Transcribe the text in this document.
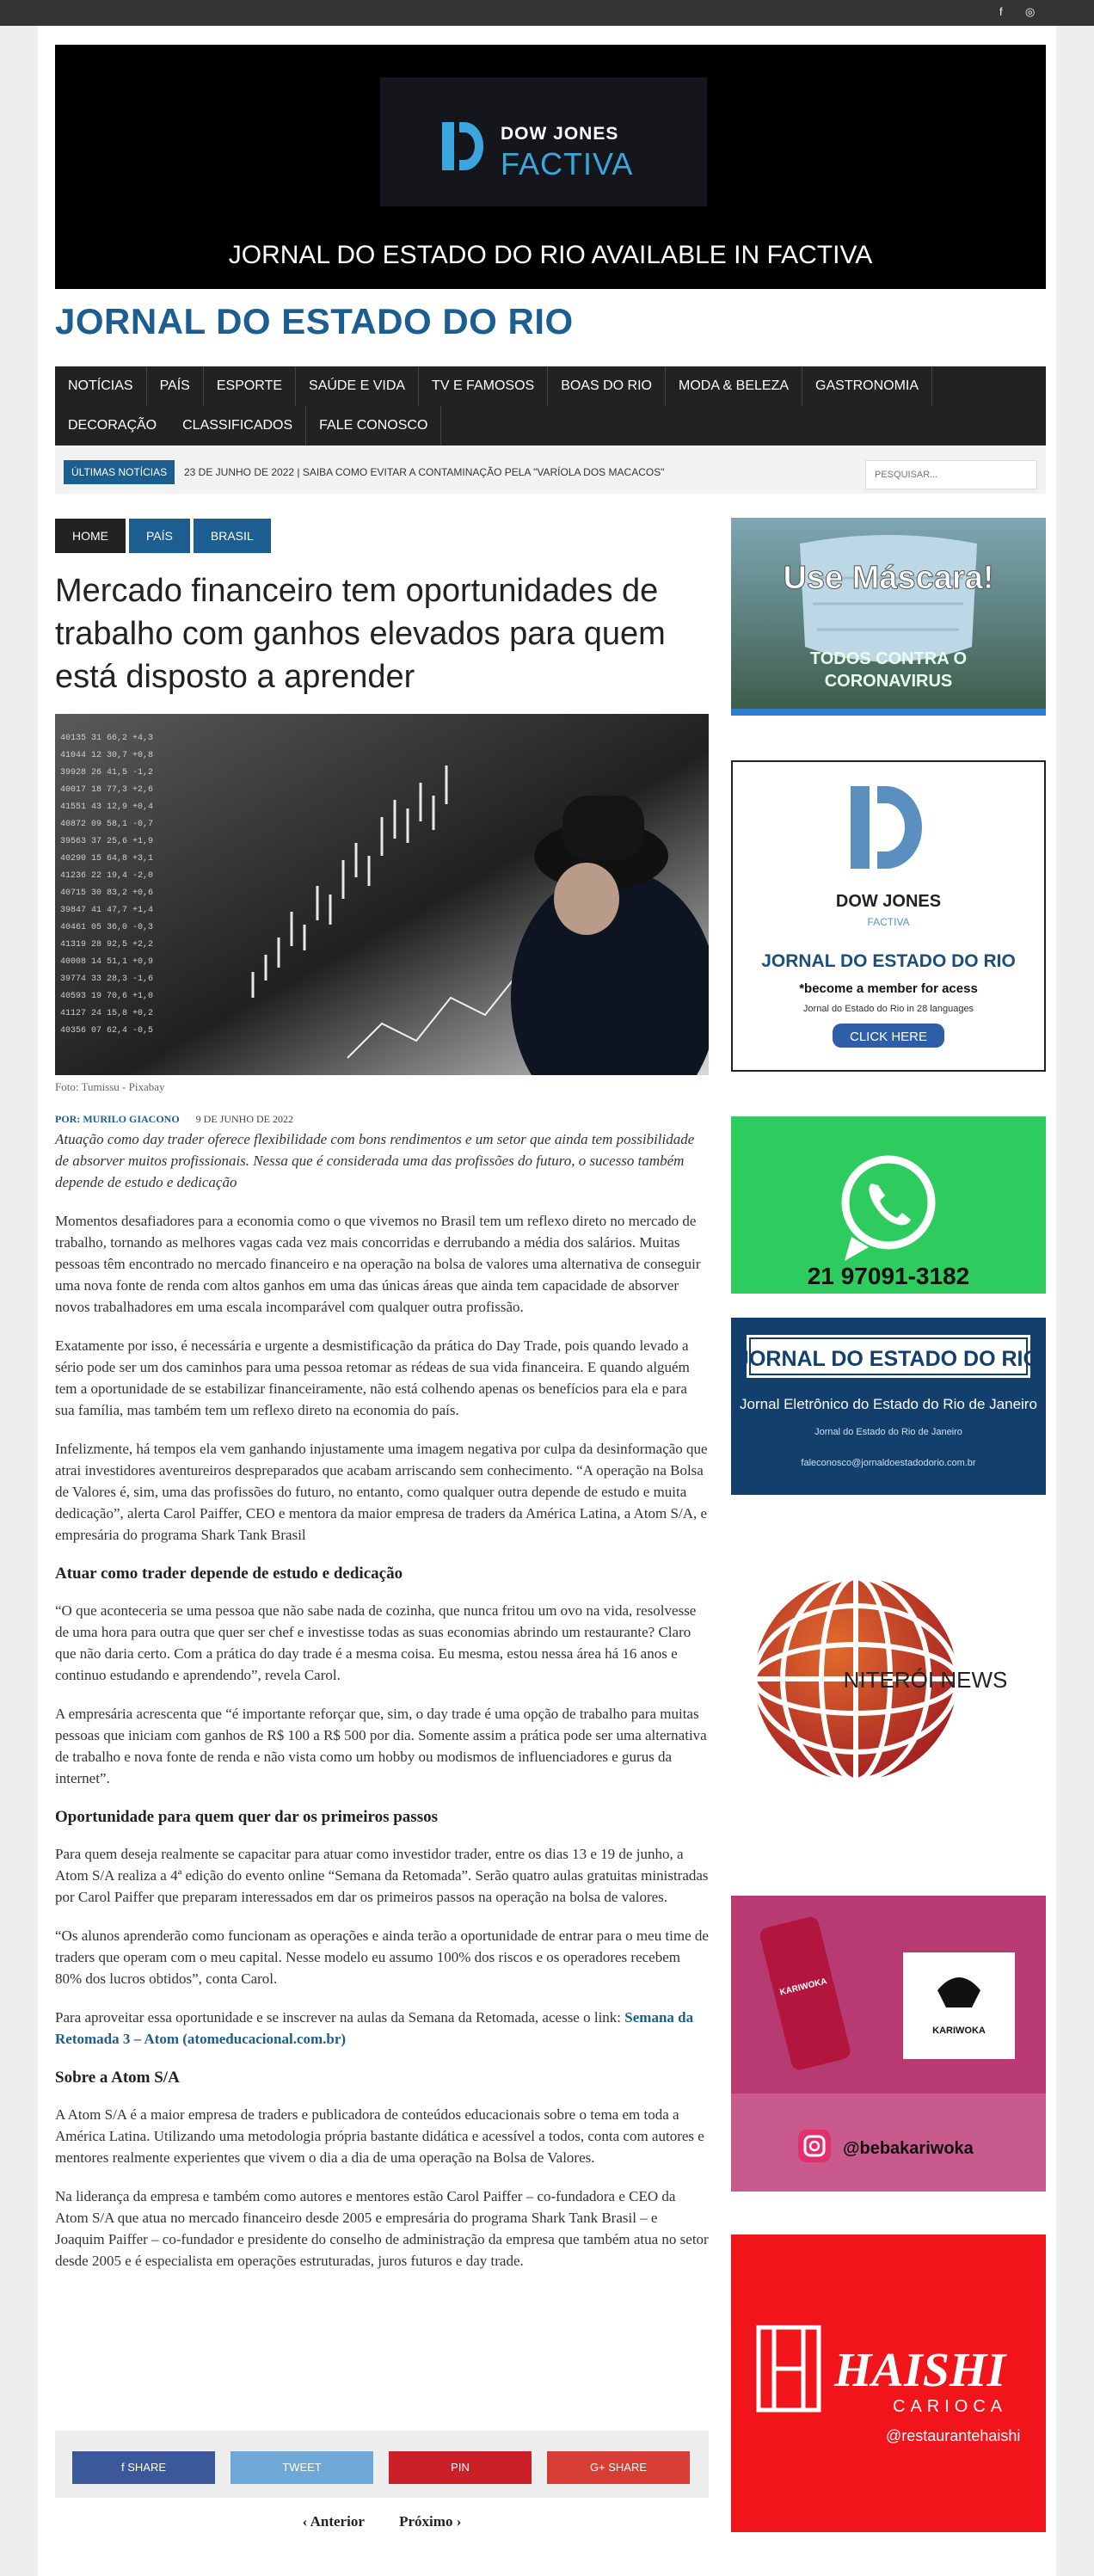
f ◎
DOW JONES
FACTIVA
JORNAL DO ESTADO DO RIO AVAILABLE IN FACTIVA
JORNAL DO ESTADO DO RIO
NOTÍCIAS	PAÍS	ESPORTE	SAÚDE E VIDA	TV E FAMOSOS	BOAS DO RIO	MODA & BELEZA	GASTRONOMIA
DECORAÇÃO	CLASSIFICADOS	FALE CONOSCO
ÚLTIMAS NOTÍCIAS	23 DE JUNHO DE 2022 | SAIBA COMO EVITAR A CONTAMINAÇÃO PELA "VARÍOLA DOS MACACOS"
PESQUISAR...
HOME	PAÍS	BRASIL
Mercado financeiro tem oportunidades de trabalho com ganhos elevados para quem está disposto a aprender
40135 31 66,2 +4,3
41044 12 30,7 +0,8
39928 26 41,5 -1,2
40017 18 77,3 +2,6
41551 43 12,9 +0,4
40872 09 58,1 -0,7
39563 37 25,6 +1,9
40290 15 64,8 +3,1
41236 22 19,4 -2,0
40715 30 83,2 +0,6
39847 41 47,7 +1,4
40461 05 36,0 -0,3
41319 28 92,5 +2,2
40008 14 51,1 +0,9
39774 33 28,3 -1,6
40593 19 70,6 +1,0
41127 24 15,8 +0,2
40356 07 62,4 -0,5
Foto: Tumissu - Pixabay
POR: MURILO GIACONO 9 DE JUNHO DE 2022

Atuação como day trader oferece flexibilidade com bons rendimentos e um setor que ainda tem possibilidade de absorver muitos profissionais. Nessa que é considerada uma das profissões do futuro, o sucesso também depende de estudo e dedicação

Momentos desafiadores para a economia como o que vivemos no Brasil tem um reflexo direto no mercado de trabalho, tornando as melhores vagas cada vez mais concorridas e derrubando a média dos salários. Muitas pessoas têm encontrado no mercado financeiro e na operação na bolsa de valores uma alternativa de conseguir uma nova fonte de renda com altos ganhos em uma das únicas áreas que ainda tem capacidade de absorver novos trabalhadores em uma escala incomparável com qualquer outra profissão.

Exatamente por isso, é necessária e urgente a desmistificação da prática do Day Trade, pois quando levado a sério pode ser um dos caminhos para uma pessoa retomar as rédeas de sua vida financeira. E quando alguém tem a oportunidade de se estabilizar financeiramente, não está colhendo apenas os benefícios para ela e para sua família, mas também tem um reflexo direto na economia do país.

Infelizmente, há tempos ela vem ganhando injustamente uma imagem negativa por culpa da desinformação que atrai investidores aventureiros despreparados que acabam arriscando sem conhecimento. “A operação na Bolsa de Valores é, sim, uma das profissões do futuro, no entanto, como qualquer outra depende de estudo e muita dedicação”, alerta Carol Paiffer, CEO e mentora da maior empresa de traders da América Latina, a Atom S/A, e empresária do programa Shark Tank Brasil

Atuar como trader depende de estudo e dedicação

“O que aconteceria se uma pessoa que não sabe nada de cozinha, que nunca fritou um ovo na vida, resolvesse de uma hora para outra que quer ser chef e investisse todas as suas economias abrindo um restaurante? Claro que não daria certo. Com a prática do day trade é a mesma coisa. Eu mesma, estou nessa área há 16 anos e continuo estudando e aprendendo”, revela Carol.

A empresária acrescenta que “é importante reforçar que, sim, o day trade é uma opção de trabalho para muitas pessoas que iniciam com ganhos de R$ 100 a R$ 500 por dia. Somente assim a prática pode ser uma alternativa de trabalho e nova fonte de renda e não vista como um hobby ou modismos de influenciadores e gurus da internet”.

Oportunidade para quem quer dar os primeiros passos

Para quem deseja realmente se capacitar para atuar como investidor trader, entre os dias 13 e 19 de junho, a Atom S/A realiza a 4ª edição do evento online “Semana da Retomada”. Serão quatro aulas gratuitas ministradas por Carol Paiffer que preparam interessados em dar os primeiros passos na operação na bolsa de valores.

“Os alunos aprenderão como funcionam as operações e ainda terão a oportunidade de entrar para o meu time de traders que operam com o meu capital. Nesse modelo eu assumo 100% dos riscos e os operadores recebem 80% dos lucros obtidos”, conta Carol.

Para aproveitar essa oportunidade e se inscrever na aulas da Semana da Retomada, acesse o link: Semana da Retomada 3 – Atom (atomeducacional.com.br)

Sobre a Atom S/A

A Atom S/A é a maior empresa de traders e publicadora de conteúdos educacionais sobre o tema em toda a América Latina. Utilizando uma metodologia própria bastante didática e acessível a todos, conta com autores e mentores realmente experientes que vivem o dia a dia de uma operação na Bolsa de Valores.

Na liderança da empresa e também como autores e mentores estão Carol Paiffer – co-fundadora e CEO da Atom S/A que atua no mercado financeiro desde 2005 e empresária do programa Shark Tank Brasil – e Joaquim Paiffer – co-fundador e presidente do conselho de administração da empresa que também atua no setor desde 2005 e é especialista em operações estruturadas, juros futuros e day trade.

f SHARE	TWEET	PIN	G+ SHARE
‹ Anterior Próximo ›
Use Máscara!
TODOS CONTRA O
CORONAVIRUS
DOW JONES
FACTIVA
JORNAL DO ESTADO DO RIO
*become a member for acess
Jornal do Estado do Rio in 28 languages
CLICK HERE
21 97091-3182
JORNAL DO ESTADO DO RIO
Jornal Eletrônico do Estado do Rio de Janeiro
Jornal do Estado do Rio de Janeiro
faleconosco@jornaldoestadodorio.com.br
NITERÓI NEWS
KARIWOKA
KARIWOKA
@bebakariwoka
HAISHI
CARIOCA
@restaurantehaishi
